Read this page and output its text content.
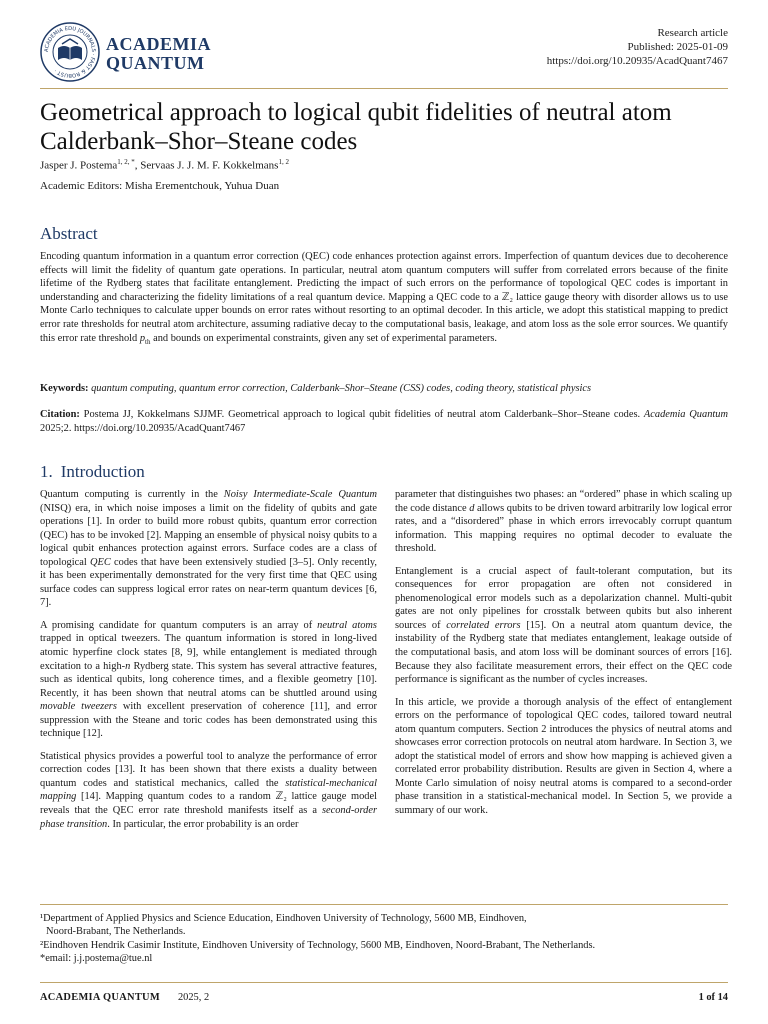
ACADEMIA EDU JOURNALS · FAST & ROBUST ·
ACADEMIA
QUANTUM
Research article
Published: 2025-01-09
https://doi.org/10.20935/AcadQuant7467
Geometrical approach to logical qubit fidelities of neutral atom Calderbank–Shor–Steane codes
Jasper J. Postema$^{1, 2, *}$, Servaas J. J. M. F. Kokkelmans$^{1, 2}$
Academic Editors: Misha Erementchouk, Yuhua Duan
Abstract

Encoding quantum information in a quantum error correction (QEC) code enhances protection against errors. Imperfection of quantum devices due to decoherence effects will limit the fidelity of quantum gate operations. In particular, neutral atom quantum computers will suffer from correlated errors because of the finite lifetime of the Rydberg states that facilitate entanglement. Predicting the impact of such errors on the performance of topological QEC codes is important in understanding and characterizing the fidelity limitations of a real quantum device. Mapping a QEC code to a ℤ₂ lattice gauge theory with disorder allows us to use Monte Carlo techniques to calculate upper bounds on error rates without resorting to an optimal decoder. In this article, we adopt this statistical mapping to predict error rate thresholds for neutral atom architecture, assuming radiative decay to the computational basis, leakage, and atom loss as the sole error sources. We quantify this error rate threshold $p_{th}$ and bounds on experimental constraints, given any set of experimental parameters.

Keywords: quantum computing, quantum error correction, Calderbank–Shor–Steane (CSS) codes, coding theory, statistical physics
Citation: Postema JJ, Kokkelmans SJJMF. Geometrical approach to logical qubit fidelities of neutral atom Calderbank–Shor–Steane codes. Academia Quantum 2025;2. https://doi.org/10.20935/AcadQuant7467
1. Introduction

Quantum computing is currently in the Noisy Intermediate-Scale Quantum (NISQ) era, in which noise imposes a limit on the fidelity of qubits and gate operations [1]. In order to build more robust qubits, quantum error correction (QEC) has to be invoked [2]. Mapping an ensemble of physical noisy qubits to a logical qubit enhances protection against errors. Surface codes are a class of topological QEC codes that have been extensively studied [3–5]. Only recently, it has been experimentally demonstrated for the very first time that QEC using surface codes can suppress logical error rates on near-term quantum devices [6, 7].

A promising candidate for quantum computers is an array of neutral atoms trapped in optical tweezers. The quantum information is stored in long-lived atomic hyperfine clock states [8, 9], while entanglement is mediated through excitation to a high-n Rydberg state. This system has several attractive features, such as identical qubits, long coherence times, and a flexible geometry [10]. Recently, it has been shown that neutral atoms can be shuttled around using movable tweezers with excellent preservation of coherence [11], and error suppression with the Steane and toric codes has been demonstrated using this technique [12].

Statistical physics provides a powerful tool to analyze the performance of error correction codes [13]. It has been shown that there exists a duality between quantum codes and statistical mechanics, called the statistical-mechanical mapping [14]. Mapping quantum codes to a random ℤ₂ lattice gauge model reveals that the QEC error rate threshold manifests itself as a second-order phase transition. In particular, the error probability is an order

parameter that distinguishes two phases: an “ordered” phase in which scaling up the code distance d allows qubits to be driven toward arbitrarily low logical error rates, and a “disordered” phase in which errors irrevocably corrupt quantum information. This mapping requires no optimal decoder to evaluate the threshold.

Entanglement is a crucial aspect of fault-tolerant computation, but its consequences for error propagation are often not considered in phenomenological error models such as a depolarization channel. Multi-qubit gates are not only pipelines for crosstalk between qubits but also inherent sources of correlated errors [15]. On a neutral atom quantum device, the instability of the Rydberg state that mediates entanglement, leakage outside of the computational basis, and atom loss will be dominant sources of errors [16]. Because they also facilitate measurement errors, their effect on the QEC code performance is significant as the number of cycles increases.

In this article, we provide a thorough analysis of the effect of entanglement errors on the performance of topological QEC codes, tailored toward neutral atom quantum computers. Section 2 introduces the physics of neutral atoms and showcases error correction protocols on neutral atom hardware. In Section 3, we adopt the statistical model of errors and show how mapping is achieved given a correlated error probability distribution. Results are given in Section 4, where a Monte Carlo simulation of noisy neutral atoms is compared to a second-order phase transition in a statistical-mechanical model. In Section 5, we provide a summary of our work.

¹Department of Applied Physics and Science Education, Eindhoven University of Technology, 5600 MB, Eindhoven,
Noord-Brabant, The Netherlands.
²Eindhoven Hendrik Casimir Institute, Eindhoven University of Technology, 5600 MB, Eindhoven, Noord-Brabant, The Netherlands.
*email: j.j.postema@tue.nl
ACADEMIA QUANTUM 2025, 2	1 of 14
